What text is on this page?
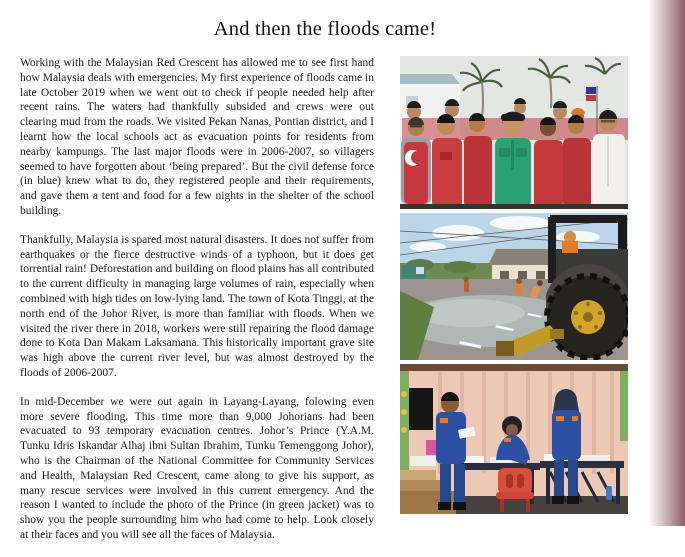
And then the floods came!

Working with the Malaysian Red Crescent has allowed me to see first hand how Malaysia deals with emergencies. My first experience of floods came in late October 2019 when we went out to check if people needed help after recent rains. The waters had thankfully subsided and crews were out clearing mud from the roads. We visited Pekan Nanas, Pontian district, and I learnt how the local schools act as evacuation points for residents from nearby kampungs. The last major floods were in 2006-2007, so villagers seemed to have forgotten about ‘being prepared’. But the civil defense force (in blue) knew what to do, they registered people and their requirements, and gave them a tent and food for a few nights in the shelter of the school building.

Thankfully, Malaysia is spared most natural disasters. It does not suffer from earthquakes or the fierce destructive winds of a typhoon, but it does get torrential rain! Deforestation and building on flood plains has all contributed to the current difficulty in managing large volumes of rain, especially when combined with high tides on low-lying land. The town of Kota Tinggi, at the north end of the Johor River, is more than familiar with floods. When we visited the river there in 2018, workers were still repairing the flood damage done to Kota Dan Makam Laksamana. This historically important grave site was high above the current river level, but was almost destroyed by the floods of 2006-2007.

In mid-December we were out again in Layang-Layang, folowing even more severe flooding. This time more than 9,000 Johorians had been evacuated to 93 temporary evacuation centres. Johor’s Prince (Y.A.M. Tunku Idris Iskandar Alhaj ibni Sultan Ibrahim, Tunku Temenggong Johor), who is the Chairman of the National Committee for Community Services and Health, Malaysian Red Crescent, came along to give his support, as many rescue services were involved in this current emergency. And the reason I wanted to include the photo of the Prince (in green jacket) was to show you the people surrounding him who had come to help. Look closely at their faces and you will see all the faces of Malaysia.
